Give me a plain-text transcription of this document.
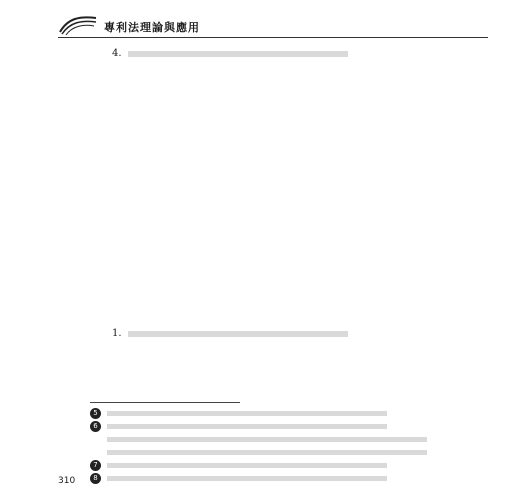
專利法理論與應用

4.

1.

5
6
7
8
310
